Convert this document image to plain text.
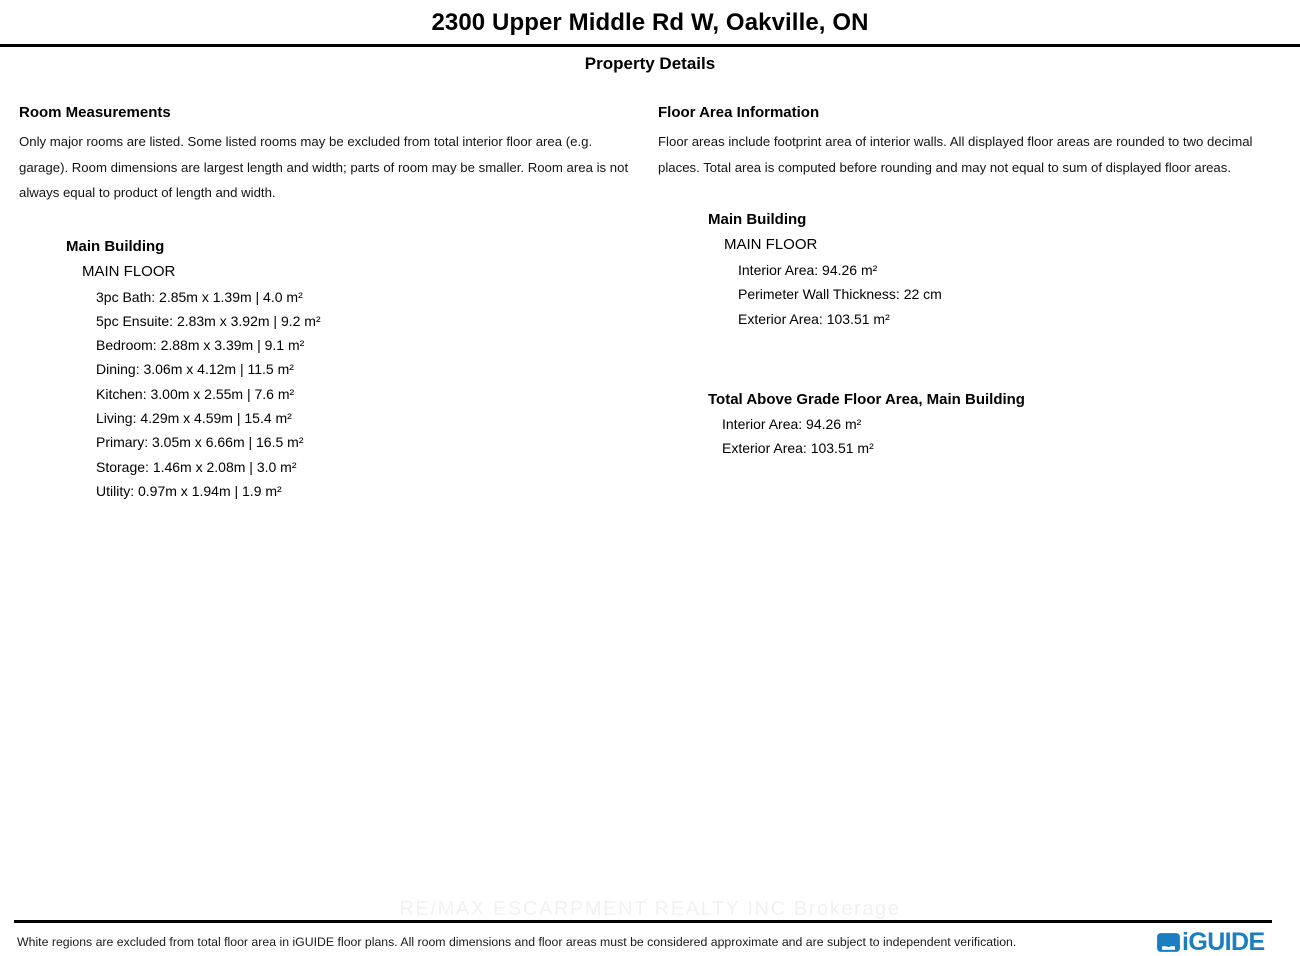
2300 Upper Middle Rd W, Oakville, ON
Property Details
Room Measurements

Only major rooms are listed. Some listed rooms may be excluded from total interior floor area (e.g. garage). Room dimensions are largest length and width; parts of room may be smaller. Room area is not always equal to product of length and width.

Main Building
MAIN FLOOR
3pc Bath: 2.85m x 1.39m | 4.0 m²
5pc Ensuite: 2.83m x 3.92m | 9.2 m²
Bedroom: 2.88m x 3.39m | 9.1 m²
Dining: 3.06m x 4.12m | 11.5 m²
Kitchen: 3.00m x 2.55m | 7.6 m²
Living: 4.29m x 4.59m | 15.4 m²
Primary: 3.05m x 6.66m | 16.5 m²
Storage: 1.46m x 2.08m | 3.0 m²
Utility: 0.97m x 1.94m | 1.9 m²
Floor Area Information

Floor areas include footprint area of interior walls. All displayed floor areas are rounded to two decimal places. Total area is computed before rounding and may not equal to sum of displayed floor areas.

Main Building
MAIN FLOOR
Interior Area: 94.26 m²
Perimeter Wall Thickness: 22 cm
Exterior Area: 103.51 m²
Total Above Grade Floor Area, Main Building
Interior Area: 94.26 m²
Exterior Area: 103.51 m²
RE/MAX ESCARPMENT REALTY INC Brokerage
White regions are excluded from total floor area in iGUIDE floor plans. All room dimensions and floor areas must be considered approximate and are subject to independent verification.	iGUIDE
